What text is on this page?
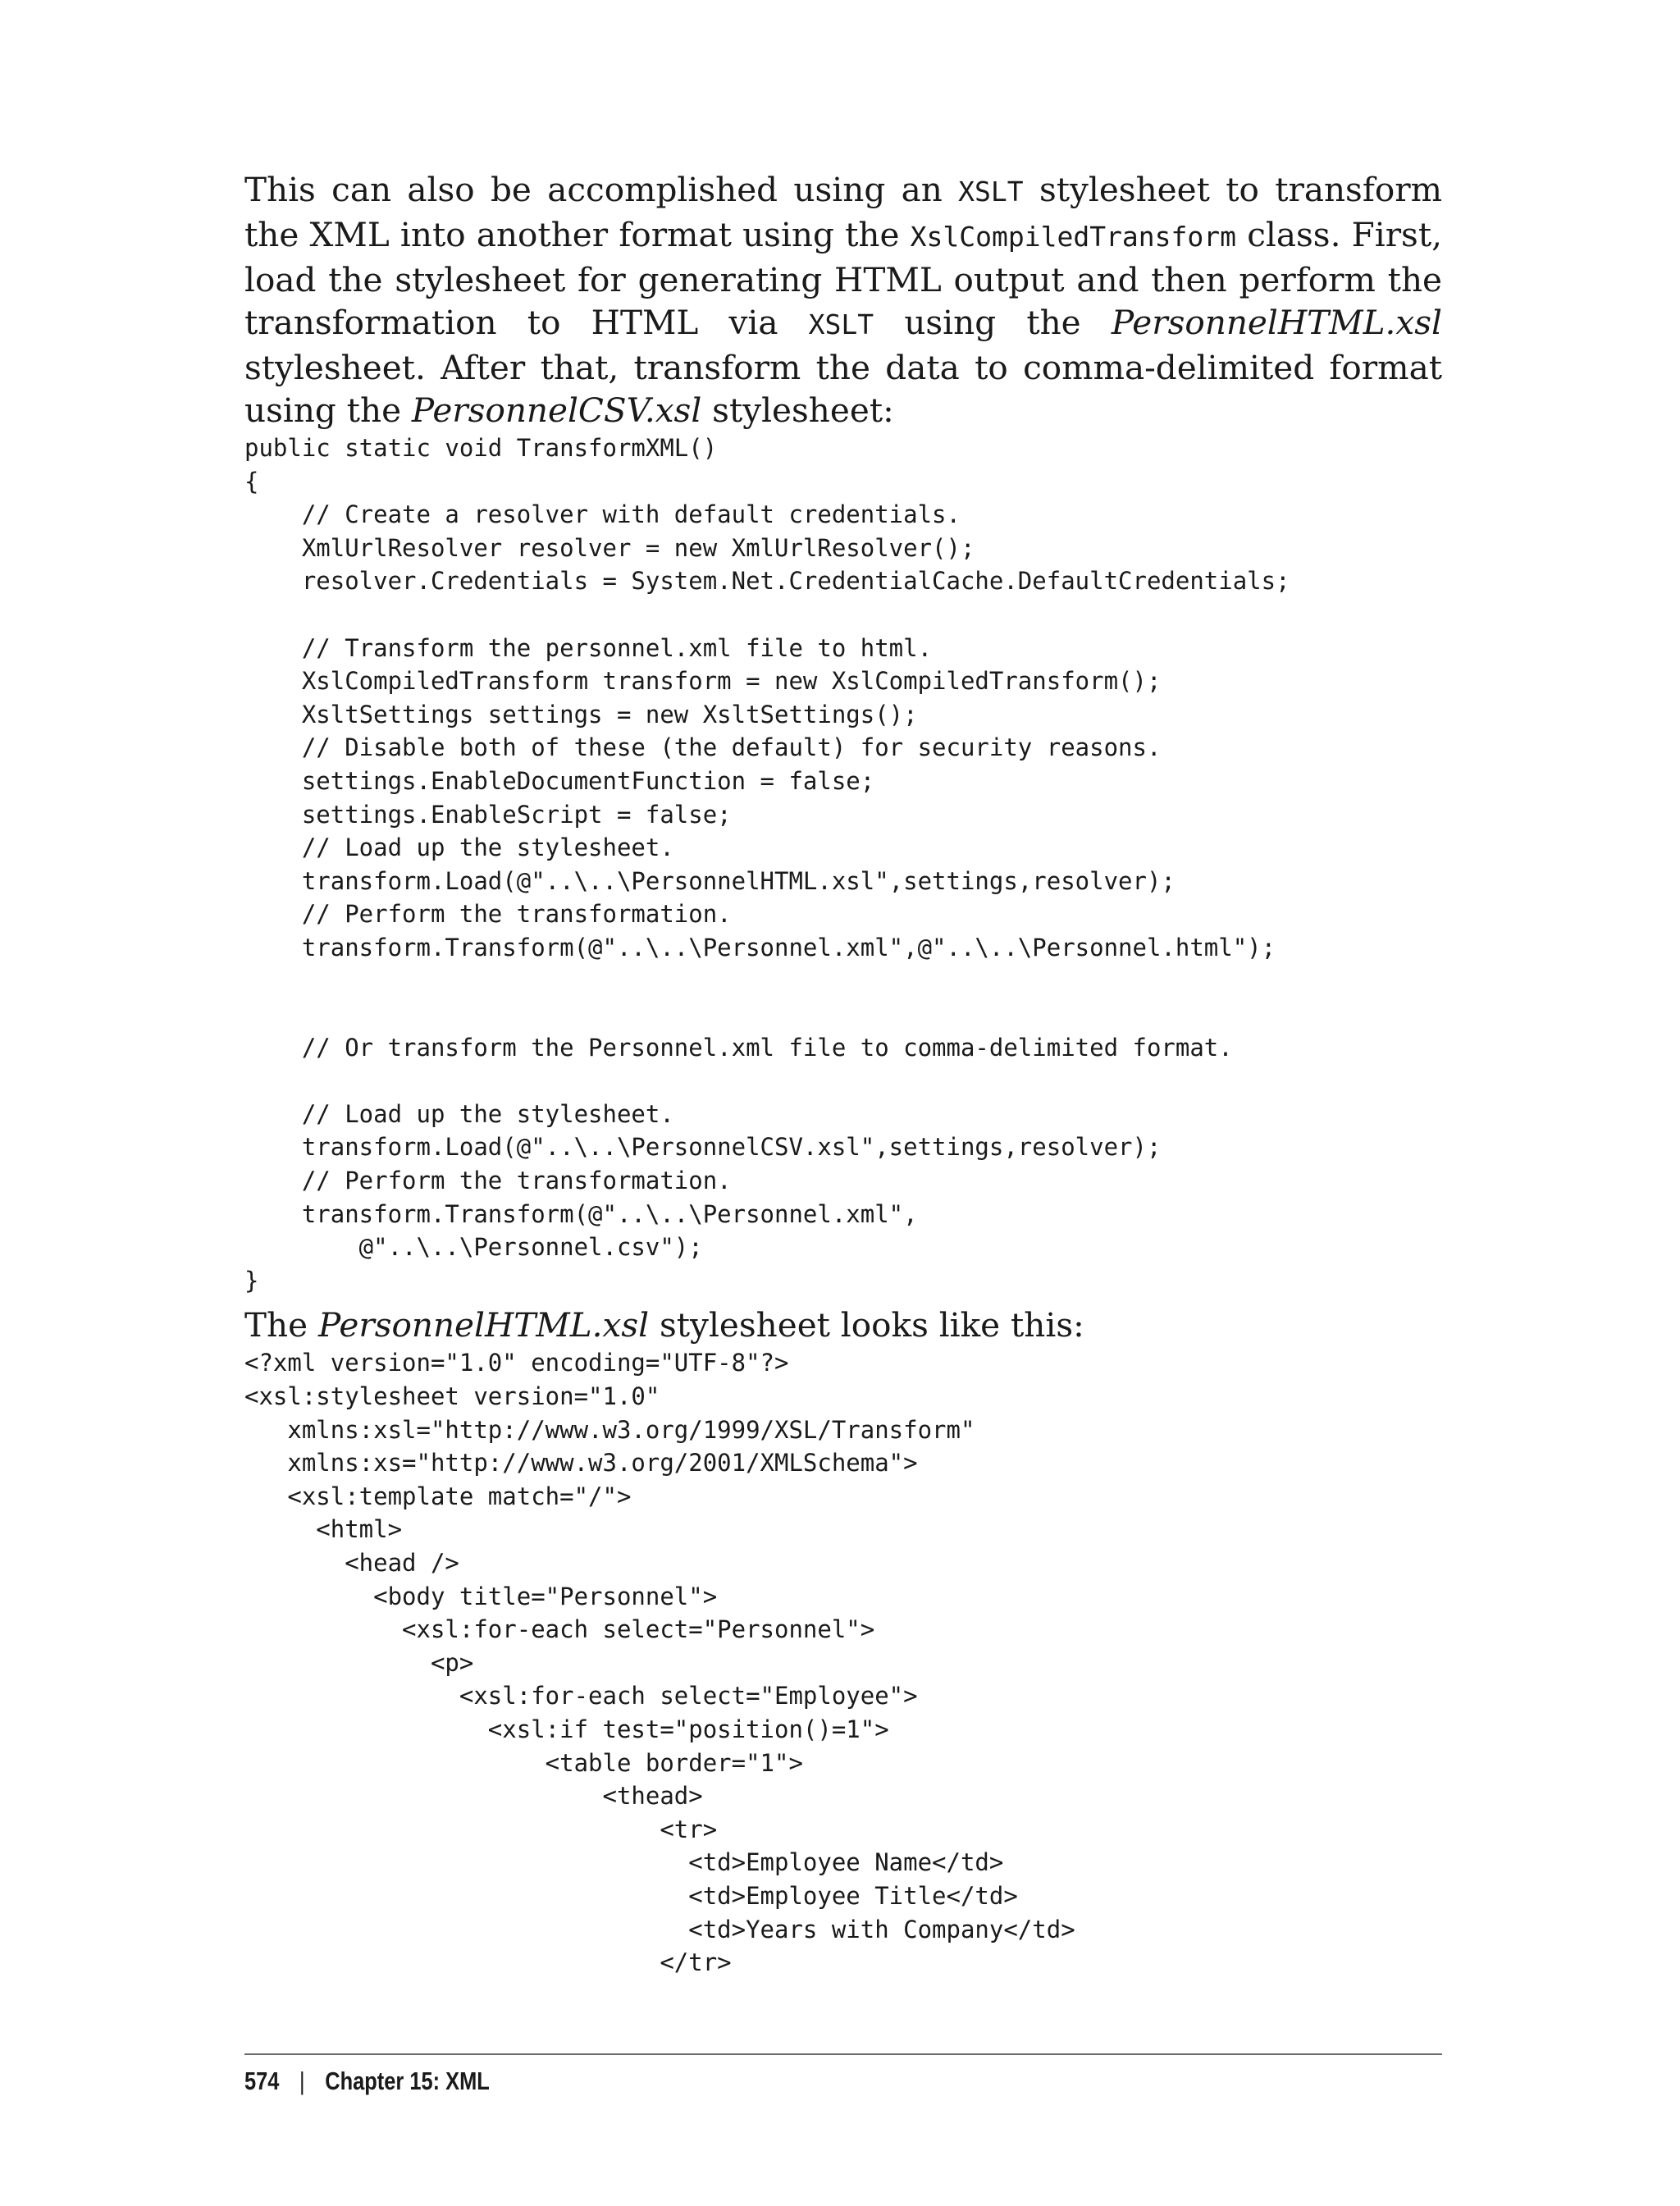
This can also be accomplished using an XSLT stylesheet to transform the XML into another format using the XslCompiledTransform class. First, load the stylesheet for generating HTML output and then perform the transformation to HTML via XSLT using the PersonnelHTML.xsl stylesheet. After that, transform the data to comma-delimited format using the PersonnelCSV.xsl stylesheet:

public static void TransformXML()
{
// Create a resolver with default credentials.
XmlUrlResolver resolver = new XmlUrlResolver();
resolver.Credentials = System.Net.CredentialCache.DefaultCredentials;

// Transform the personnel.xml file to html.
XslCompiledTransform transform = new XslCompiledTransform();
XsltSettings settings = new XsltSettings();
// Disable both of these (the default) for security reasons.
settings.EnableDocumentFunction = false;
settings.EnableScript = false;
// Load up the stylesheet.
transform.Load(@"..\..\PersonnelHTML.xsl",settings,resolver);
// Perform the transformation.
transform.Transform(@"..\..\Personnel.xml",@"..\..\Personnel.html");

// Or transform the Personnel.xml file to comma-delimited format.

// Load up the stylesheet.
transform.Load(@"..\..\PersonnelCSV.xsl",settings,resolver);
// Perform the transformation.
transform.Transform(@"..\..\Personnel.xml",
@"..\..\Personnel.csv");
}

The PersonnelHTML.xsl stylesheet looks like this:

<?xml version="1.0" encoding="UTF-8"?>
<xsl:stylesheet version="1.0"
xmlns:xsl="http://www.w3.org/1999/XSL/Transform"
xmlns:xs="http://www.w3.org/2001/XMLSchema">
<xsl:template match="/">
<html>
<head />
<body title="Personnel">
<xsl:for-each select="Personnel">
<p>
<xsl:for-each select="Employee">
<xsl:if test="position()=1">
<table border="1">
<thead>
<tr>
<td>Employee Name</td>
<td>Employee Title</td>
<td>Years with Company</td>
</tr>
574 | Chapter 15: XML
